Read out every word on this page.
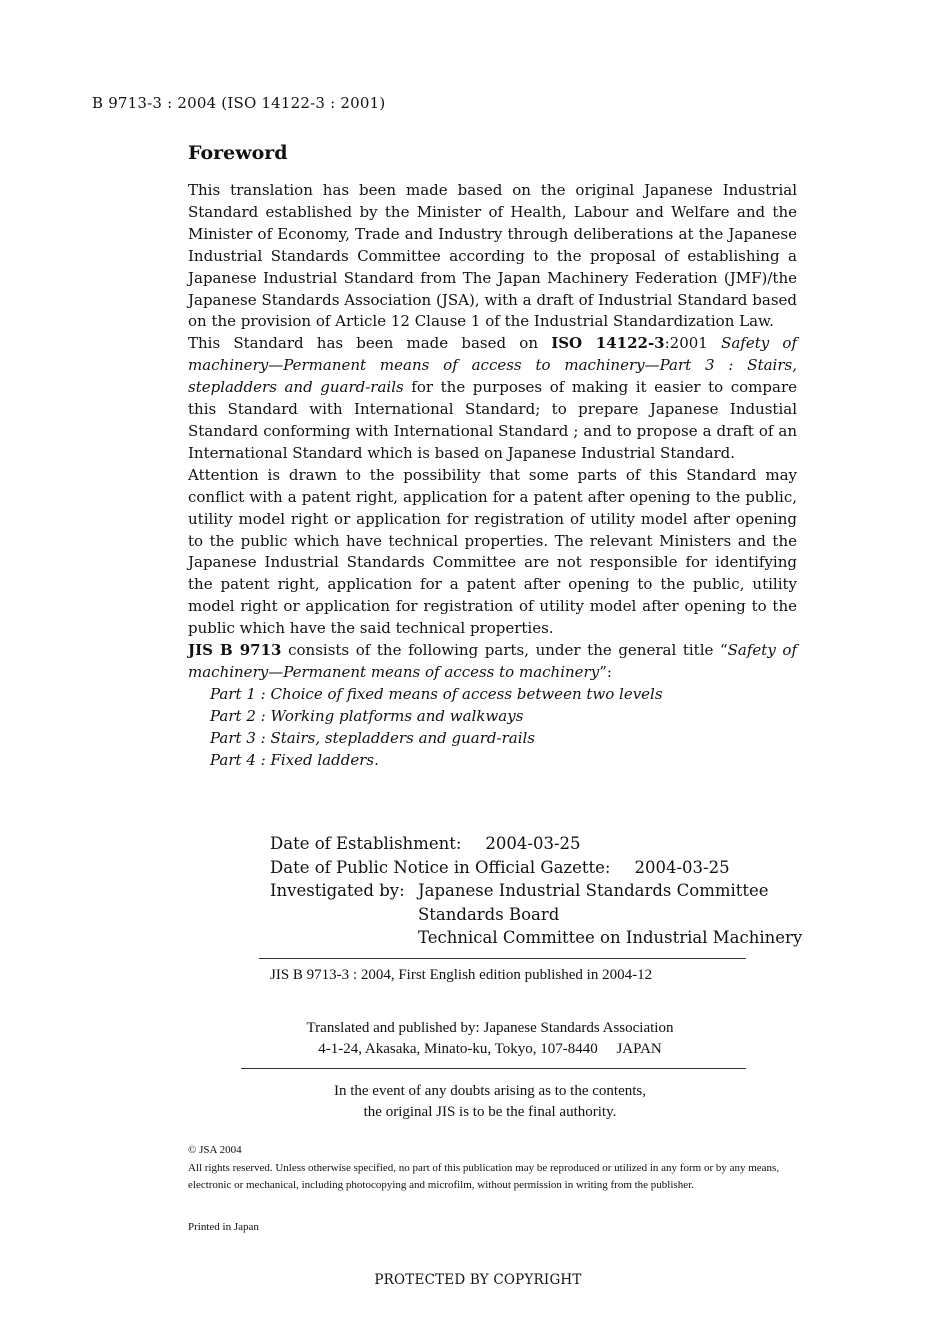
B 9713-3 : 2004 (ISO 14122-3 : 2001)
Foreword

This translation has been made based on the original Japanese Industrial Standard established by the Minister of Health, Labour and Welfare and the Minister of Economy, Trade and Industry through deliberations at the Japanese Industrial Standards Committee according to the proposal of establishing a Japanese Industrial Standard from The Japan Machinery Federation (JMF)/the Japanese Standards Association (JSA), with a draft of Industrial Standard based on the provision of Article 12 Clause 1 of the Industrial Standardization Law.

This Standard has been made based on ISO 14122-3:2001 Safety of machinery—Permanent means of access to machinery—Part 3 : Stairs, stepladders and guard-rails for the purposes of making it easier to compare this Standard with International Standard; to prepare Japanese Industial Standard conforming with International Standard ; and to propose a draft of an International Standard which is based on Japanese Industrial Standard.

Attention is drawn to the possibility that some parts of this Standard may conflict with a patent right, application for a patent after opening to the public, utility model right or application for registration of utility model after opening to the public which have technical properties. The relevant Ministers and the Japanese Industrial Standards Committee are not responsible for identifying the patent right, application for a patent after opening to the public, utility model right or application for registration of utility model after opening to the public which have the said technical properties.

JIS B 9713 consists of the following parts, under the general title “Safety of machinery—Permanent means of access to machinery”:

Part 1 : Choice of fixed means of access between two levels

Part 2 : Working platforms and walkways

Part 3 : Stairs, stepladders and guard-rails

Part 4 : Fixed ladders.

Date of Establishment: 2004-03-25
Date of Public Notice in Official Gazette: 2004-03-25
Investigated by: Japanese Industrial Standards Committee
Standards Board
Technical Committee on Industrial Machinery
JIS B 9713-3 : 2004, First English edition published in 2004-12
Translated and published by: Japanese Standards Association
4-1-24, Akasaka, Minato-ku, Tokyo, 107-8440  JAPAN
In the event of any doubts arising as to the contents,
the original JIS is to be the final authority.
© JSA 2004
All rights reserved. Unless otherwise specified, no part of this publication may be reproduced or utilized in any form or by any means, electronic or mechanical, including photocopying and microfilm, without permission in writing from the publisher.
Printed in Japan
PROTECTED BY COPYRIGHT
